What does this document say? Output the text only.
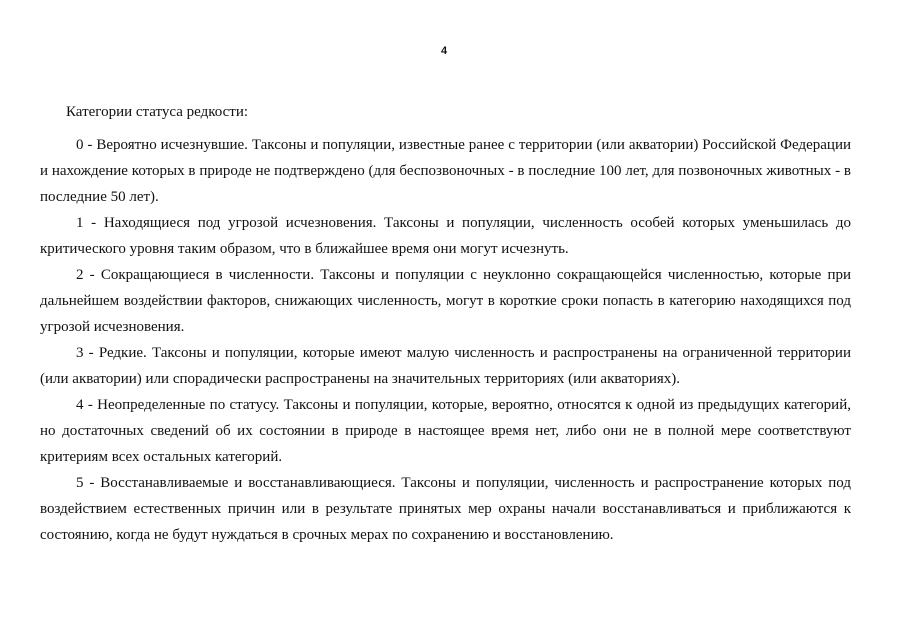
4

Категории статуса редкости:

0 - Вероятно исчезнувшие. Таксоны и популяции, известные ранее с территории (или акватории) Российской Федерации и нахождение которых в природе не подтверждено (для беспозвоночных - в последние 100 лет, для позвоночных животных - в последние 50 лет).

1 - Находящиеся под угрозой исчезновения. Таксоны и популяции, численность особей которых уменьшилась до критического уровня таким образом, что в ближайшее время они могут исчезнуть.

2 - Сокращающиеся в численности. Таксоны и популяции с неуклонно сокращающейся численностью, которые при дальнейшем воздействии факторов, снижающих численность, могут в короткие сроки попасть в категорию находящихся под угрозой исчезновения.

3 - Редкие. Таксоны и популяции, которые имеют малую численность и распространены на ограниченной территории (или акватории) или спорадически распространены на значительных территориях (или акваториях).

4 - Неопределенные по статусу. Таксоны и популяции, которые, вероятно, относятся к одной из предыдущих категорий, но достаточных сведений об их состоянии в природе в настоящее время нет, либо они не в полной мере соответствуют критериям всех остальных категорий.

5 - Восстанавливаемые и восстанавливающиеся. Таксоны и популяции, численность и распространение которых под воздействием естественных причин или в результате принятых мер охраны начали восстанавливаться и приближаются к состоянию, когда не будут нуждаться в срочных мерах по сохранению и восстановлению.
